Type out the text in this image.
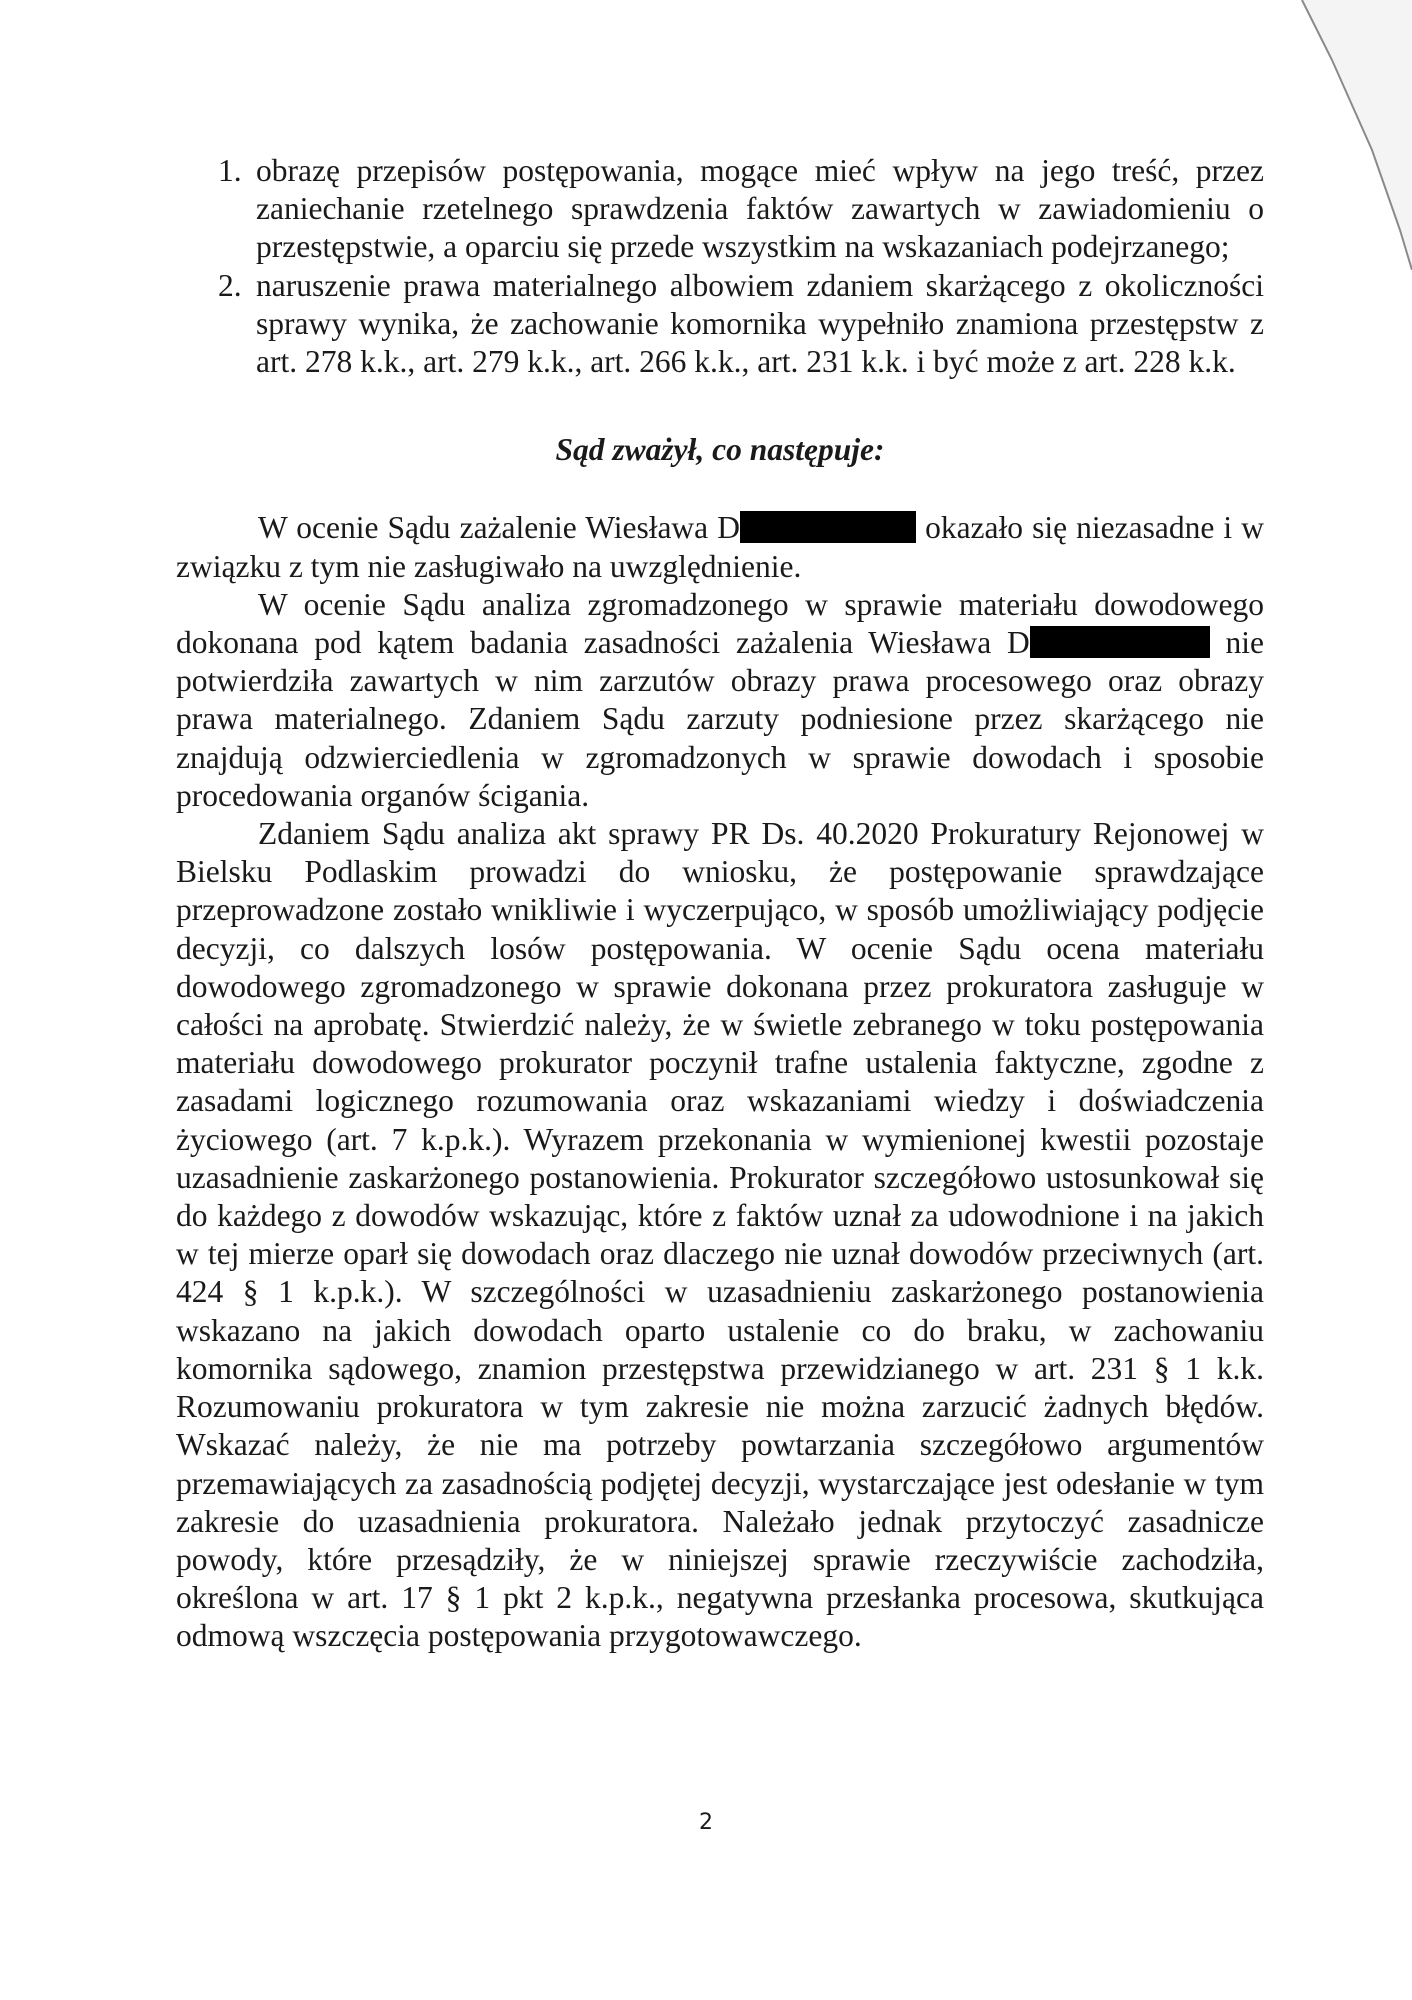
1. obrazę przepisów postępowania, mogące mieć wpływ na jego treść, przez zaniechanie rzetelnego sprawdzenia faktów zawartych w zawiadomieniu o przestępstwie, a oparciu się przede wszystkim na wskazaniach podejrzanego;
2. naruszenie prawa materialnego albowiem zdaniem skarżącego z okoliczności sprawy wynika, że zachowanie komornika wypełniło znamiona przestępstw z art. 278 k.k., art. 279 k.k., art. 266 k.k., art. 231 k.k. i być może z art. 228 k.k.
Sąd zważył, co następuje:

W ocenie Sądu zażalenie Wiesława D	okazało się niezasadne i w związku z tym nie zasługiwało na uwzględnienie.

W ocenie Sądu analiza zgromadzonego w sprawie materiału dowodowego dokonana pod kątem badania zasadności zażalenia Wiesława D	nie potwierdziła zawartych w nim zarzutów obrazy prawa procesowego oraz obrazy prawa materialnego. Zdaniem Sądu zarzuty podniesione przez skarżącego nie znajdują odzwierciedlenia w zgromadzonych w sprawie dowodach i sposobie procedowania organów ścigania.

Zdaniem Sądu analiza akt sprawy PR Ds. 40.2020 Prokuratury Rejonowej w Bielsku Podlaskim prowadzi do wniosku, że postępowanie sprawdzające przeprowadzone zostało wnikliwie i wyczerpująco, w sposób umożliwiający podjęcie decyzji, co dalszych losów postępowania. W ocenie Sądu ocena materiału dowodowego zgromadzonego w sprawie dokonana przez prokuratora zasługuje w całości na aprobatę. Stwierdzić należy, że w świetle zebranego w toku postępowania materiału dowodowego prokurator poczynił trafne ustalenia faktyczne, zgodne z zasadami logicznego rozumowania oraz wskazaniami wiedzy i doświadczenia życiowego (art. 7 k.p.k.). Wyrazem przekonania w wymienionej kwestii pozostaje uzasadnienie zaskarżonego postanowienia. Prokurator szczegółowo ustosunkował się do każdego z dowodów wskazując, które z faktów uznał za udowodnione i na jakich w tej mierze oparł się dowodach oraz dlaczego nie uznał dowodów przeciwnych (art. 424 § 1 k.p.k.). W szczególności w uzasadnieniu zaskarżonego postanowienia wskazano na jakich dowodach oparto ustalenie co do braku, w zachowaniu komornika sądowego, znamion przestępstwa przewidzianego w art. 231 § 1 k.k. Rozumowaniu prokuratora w tym zakresie nie można zarzucić żadnych błędów. Wskazać należy, że nie ma potrzeby powtarzania szczegółowo argumentów przemawiających za zasadnością podjętej decyzji, wystarczające jest odesłanie w tym zakresie do uzasadnienia prokuratora. Należało jednak przytoczyć zasadnicze powody, które przesądziły, że w niniejszej sprawie rzeczywiście zachodziła, określona w art. 17 § 1 pkt 2 k.p.k., negatywna przesłanka procesowa, skutkująca odmową wszczęcia postępowania przygotowawczego.

2
